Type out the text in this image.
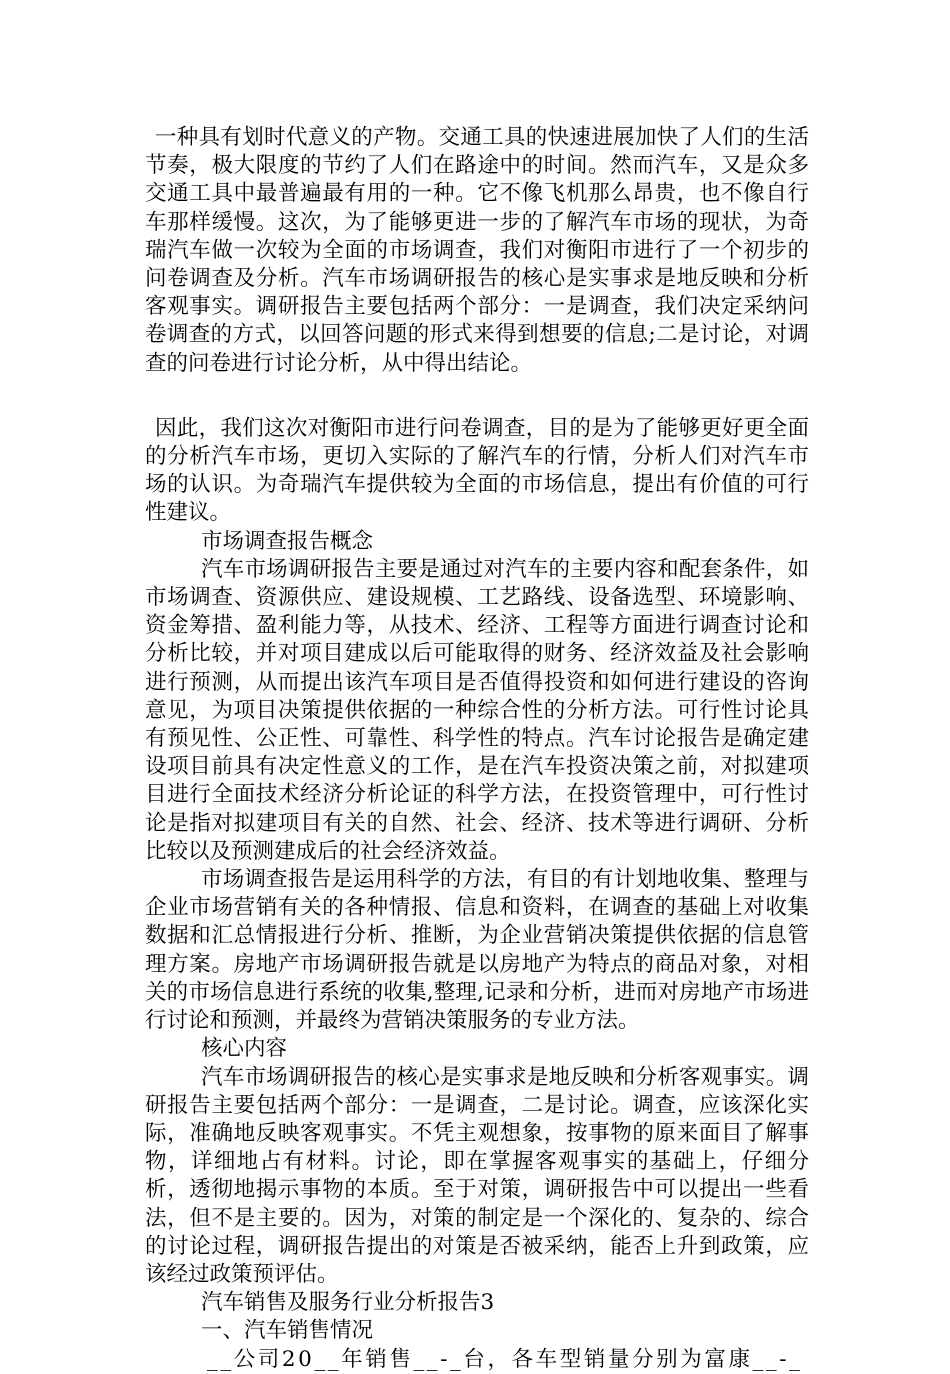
一种具有划时代意义的产物。交通工具的快速进展加快了人们的生活节奏，极大限度的节约了人们在路途中的时间。然而汽车，又是众多交通工具中最普遍最有用的一种。它不像飞机那么昂贵，也不像自行车那样缓慢。这次，为了能够更进一步的了解汽车市场的现状，为奇瑞汽车做一次较为全面的市场调查，我们对衡阳市进行了一个初步的问卷调查及分析。汽车市场调研报告的核心是实事求是地反映和分析客观事实。调研报告主要包括两个部分：一是调查，我们决定采纳问卷调查的方式，以回答问题的形式来得到想要的信息;二是讨论，对调查的问卷进行讨论分析，从中得出结论。

因此，我们这次对衡阳市进行问卷调查，目的是为了能够更好更全面的分析汽车市场，更切入实际的了解汽车的行情，分析人们对汽车市场的认识。为奇瑞汽车提供较为全面的市场信息，提出有价值的可行性建议。

市场调查报告概念

汽车市场调研报告主要是通过对汽车的主要内容和配套条件，如市场调查、资源供应、建设规模、工艺路线、设备选型、环境影响、资金筹措、盈利能力等，从技术、经济、工程等方面进行调查讨论和分析比较，并对项目建成以后可能取得的财务、经济效益及社会影响进行预测，从而提出该汽车项目是否值得投资和如何进行建设的咨询意见，为项目决策提供依据的一种综合性的分析方法。可行性讨论具有预见性、公正性、可靠性、科学性的特点。汽车讨论报告是确定建设项目前具有决定性意义的工作，是在汽车投资决策之前，对拟建项目进行全面技术经济分析论证的科学方法，在投资管理中，可行性讨论是指对拟建项目有关的自然、社会、经济、技术等进行调研、分析比较以及预测建成后的社会经济效益。

市场调查报告是运用科学的方法，有目的有计划地收集、整理与企业市场营销有关的各种情报、信息和资料，在调查的基础上对收集数据和汇总情报进行分析、推断，为企业营销决策提供依据的信息管理方案。房地产市场调研报告就是以房地产为特点的商品对象，对相关的市场信息进行系统的收集,整理,记录和分析，进而对房地产市场进行讨论和预测，并最终为营销决策服务的专业方法。

核心内容

汽车市场调研报告的核心是实事求是地反映和分析客观事实。调研报告主要包括两个部分：一是调查，二是讨论。调查，应该深化实际，准确地反映客观事实。不凭主观想象，按事物的原来面目了解事物，详细地占有材料。讨论，即在掌握客观事实的基础上，仔细分析，透彻地揭示事物的本质。至于对策，调研报告中可以提出一些看法，但不是主要的。因为，对策的制定是一个深化的、复杂的、综合的讨论过程，调研报告提出的对策是否被采纳，能否上升到政策，应该经过政策预评估。

汽车销售及服务行业分析报告3

一、汽车销售情况

__公司20__年销售__-_台，各车型销量分别为富康__-_
